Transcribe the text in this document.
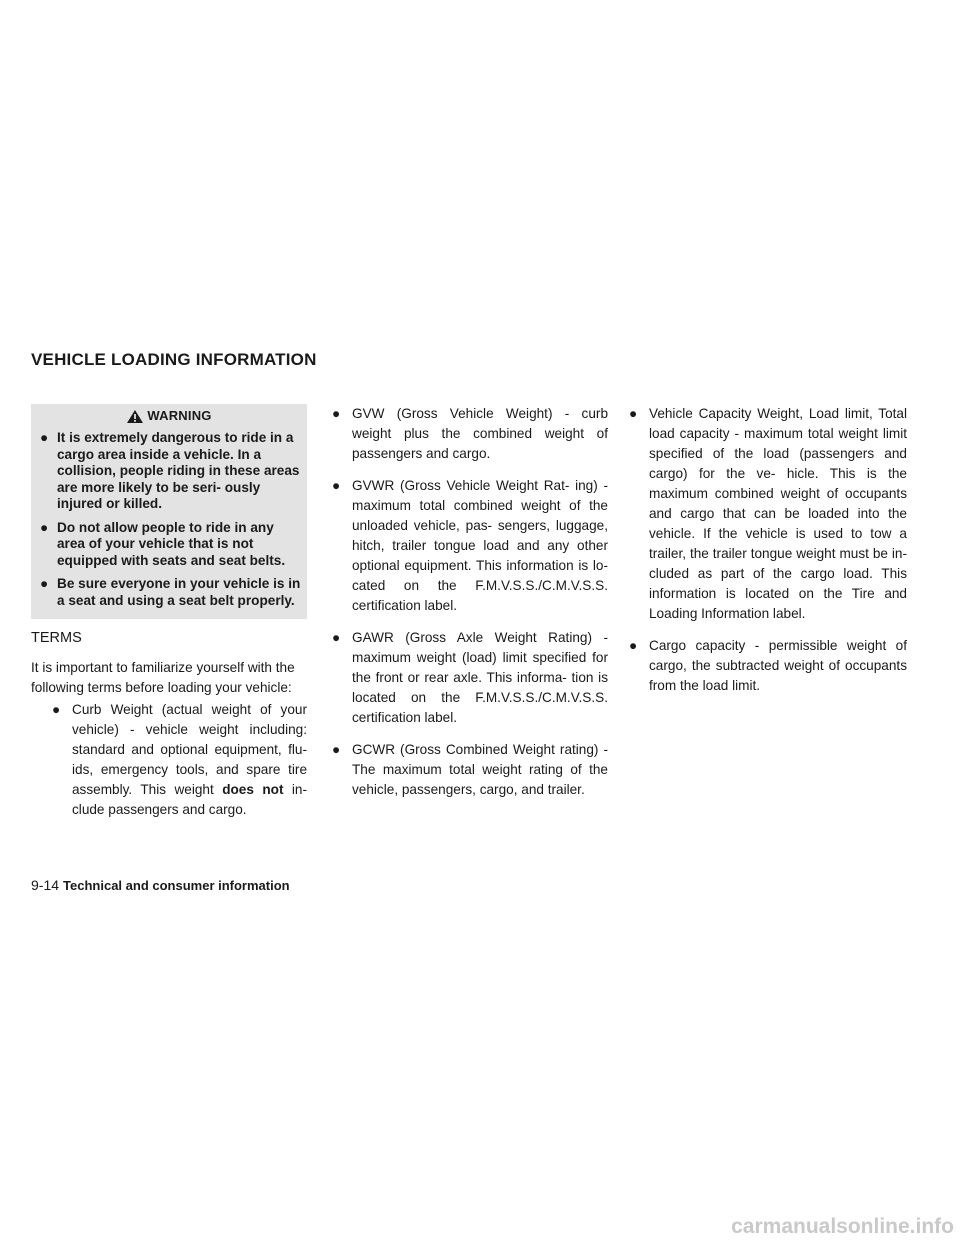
VEHICLE LOADING INFORMATION
WARNING
● It is extremely dangerous to ride in a cargo area inside a vehicle. In a collision, people riding in these areas are more likely to be seri- ously injured or killed.
● Do not allow people to ride in any area of your vehicle that is not equipped with seats and seat belts.
● Be sure everyone in your vehicle is in a seat and using a seat belt properly.
TERMS
It is important to familiarize yourself with the following terms before loading your vehicle:
● Curb Weight (actual weight of your vehicle) - vehicle weight including: standard and optional equipment, flu- ids, emergency tools, and spare tire assembly. This weight does not in- clude passengers and cargo.
● GVW (Gross Vehicle Weight) - curb weight plus the combined weight of passengers and cargo.
● GVWR (Gross Vehicle Weight Rat- ing) - maximum total combined weight of the unloaded vehicle, pas- sengers, luggage, hitch, trailer tongue load and any other optional equipment. This information is lo- cated on the F.M.V.S.S./C.M.V.S.S. certification label.
● GAWR (Gross Axle Weight Rating) - maximum weight (load) limit specified for the front or rear axle. This informa- tion is located on the F.M.V.S.S./C.M.V.S.S. certification label.
● GCWR (Gross Combined Weight rating) - The maximum total weight rating of the vehicle, passengers, cargo, and trailer.
● Vehicle Capacity Weight, Load limit, Total load capacity - maximum total weight limit specified of the load (passengers and cargo) for the ve- hicle. This is the maximum combined weight of occupants and cargo that can be loaded into the vehicle. If the vehicle is used to tow a trailer, the trailer tongue weight must be in- cluded as part of the cargo load. This information is located on the Tire and Loading Information label.
● Cargo capacity - permissible weight of cargo, the subtracted weight of occupants from the load limit.
9-14 Technical and consumer information
carmanualsonline.info
